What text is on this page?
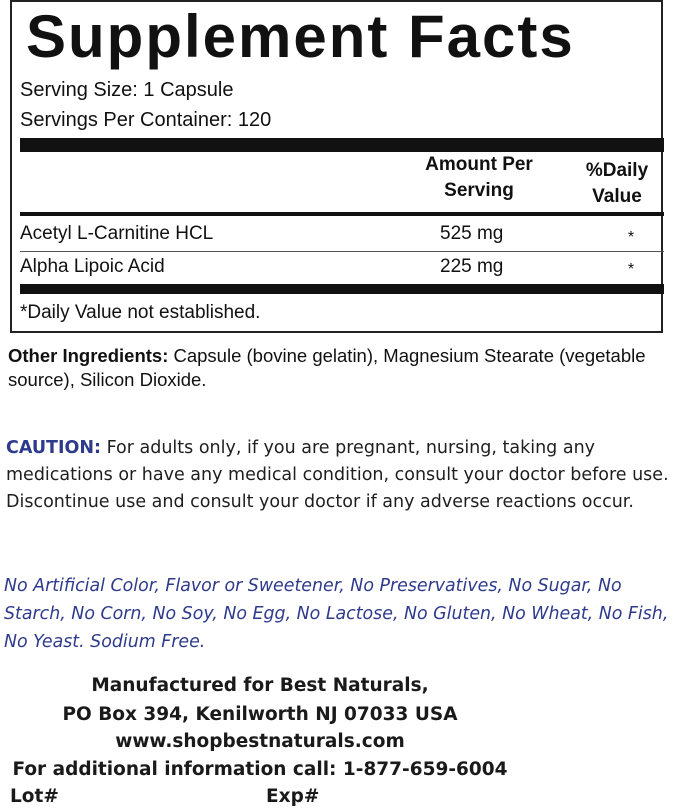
Supplement Facts
Serving Size: 1 Capsule
Servings Per Container: 120
Amount Per
Serving
%Daily
Value
Acetyl L-Carnitine HCL	525 mg	*
Alpha Lipoic Acid	225 mg	*
*Daily Value not established.
Other Ingredients: Capsule (bovine gelatin), Magnesium Stearate (vegetable source), Silicon Dioxide.
CAUTION: For adults only, if you are pregnant, nursing, taking any medications or have any medical condition, consult your doctor before use. Discontinue use and consult your doctor if any adverse reactions occur.
No Artificial Color, Flavor or Sweetener, No Preservatives, No Sugar, No Starch, No Corn, No Soy, No Egg, No Lactose, No Gluten, No Wheat, No Fish, No Yeast. Sodium Free.
Manufactured for Best Naturals,
PO Box 394, Kenilworth NJ 07033 USA
www.shopbestnaturals.com
For additional information call: 1-877-659-6004
Lot#	Exp#
